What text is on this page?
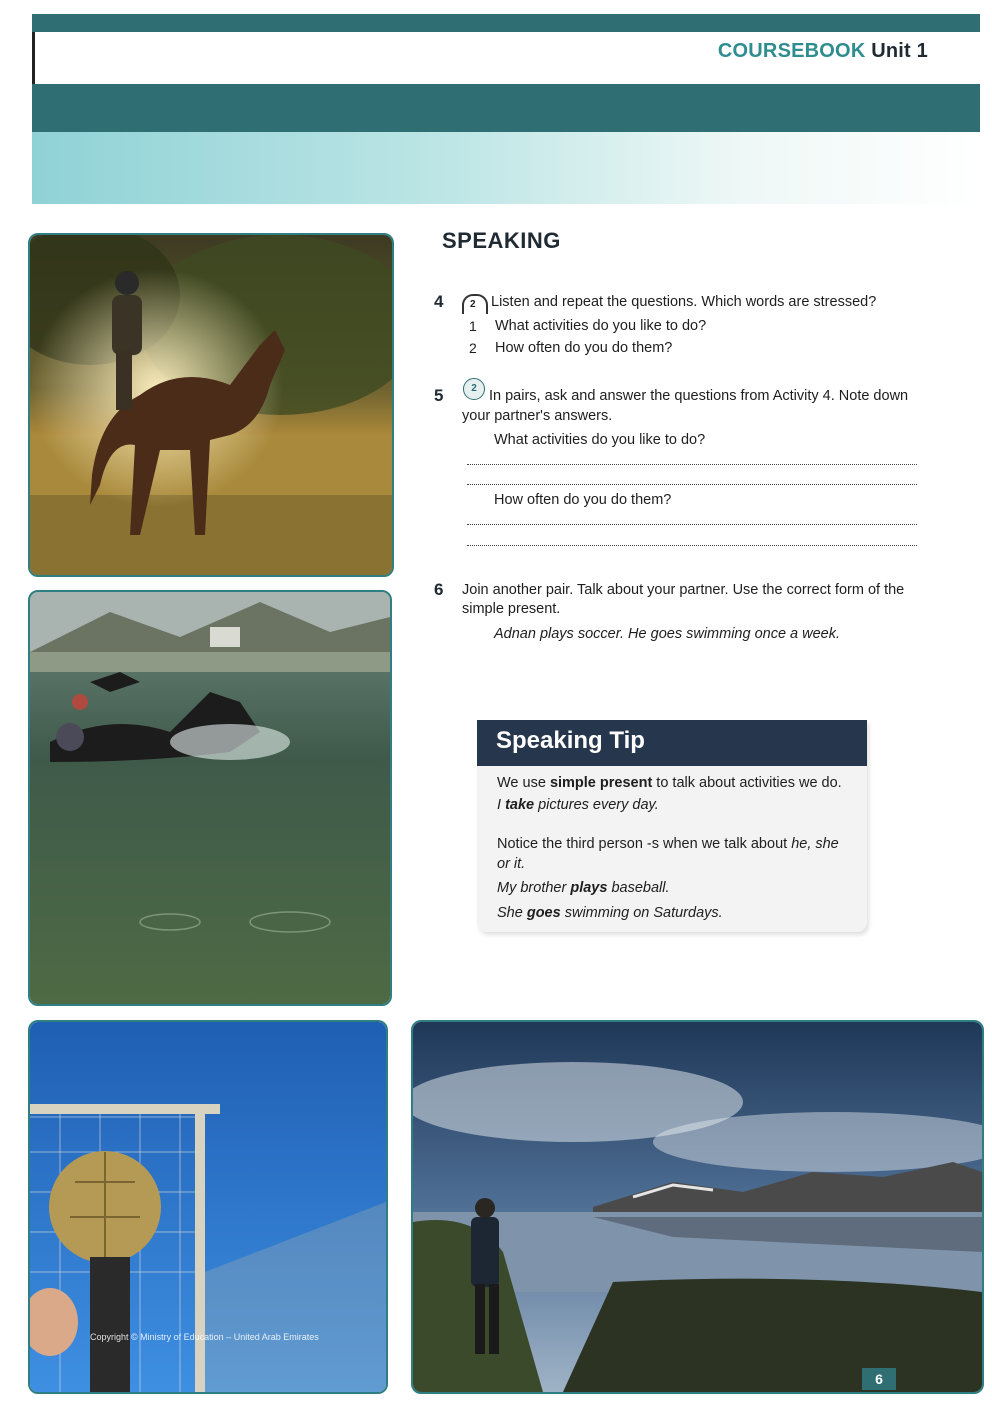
COURSEBOOK Unit 1
SPEAKING
4	2 Listen and repeat the questions. Which words are stressed?
1 What activities do you like to do?
2 How often do you do them?
5	2 In pairs, ask and answer the questions from Activity 4. Note down
your partner's answers.
What activities do you like to do?
How often do you do them?
6 Join another pair. Talk about your partner. Use the correct form of the
simple present.
Adnan plays soccer. He goes swimming once a week.
Speaking Tip
We use simple present to talk about activities we do.
I take pictures every day.
Notice the third person -s when we talk about he, she
or it.
My brother plays baseball.
She goes swimming on Saturdays.
Copyright © Ministry of Education – United Arab Emirates
6
